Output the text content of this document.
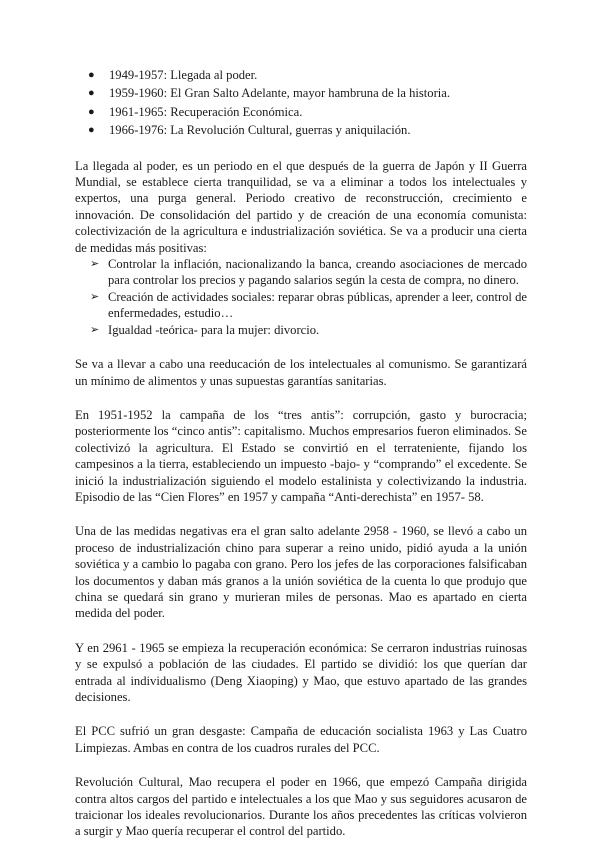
● 1949-1957: Llegada al poder.
● 1959-1960: El Gran Salto Adelante, mayor hambruna de la historia.
● 1961-1965: Recuperación Económica.
● 1966-1976: La Revolución Cultural, guerras y aniquilación.

La llegada al poder, es un periodo en el que después de la guerra de Japón y II Guerra Mundial, se establece cierta tranquilidad, se va a eliminar a todos los intelectuales y expertos, una purga general. Periodo creativo de reconstrucción, crecimiento e innovación. De consolidación del partido y de creación de una economía comunista: colectivización de la agricultura e industrialización soviética. Se va a producir una cierta de medidas más positivas:

➢ Controlar la inflación, nacionalizando la banca, creando asociaciones de mercado para controlar los precios y pagando salarios según la cesta de compra, no dinero.
➢ Creación de actividades sociales: reparar obras públicas, aprender a leer, control de enfermedades, estudio…
➢ Igualdad -teórica- para la mujer: divorcio.

Se va a llevar a cabo una reeducación de los intelectuales al comunismo. Se garantizará un mínimo de alimentos y unas supuestas garantías sanitarias.

En 1951-1952 la campaña de los “tres antis”: corrupción, gasto y burocracia; posteriormente los “cinco antis”: capitalismo. Muchos empresarios fueron eliminados. Se colectivizó la agricultura. El Estado se convirtió en el terrateniente, fijando los campesinos a la tierra, estableciendo un impuesto -bajo- y “comprando” el excedente. Se inició la industrialización siguiendo el modelo estalinista y colectivizando la industria. Episodio de las “Cien Flores” en 1957 y campaña “Anti-derechista” en 1957- 58.

Una de las medidas negativas era el gran salto adelante 2958 - 1960, se llevó a cabo un proceso de industrialización chino para superar a reino unido, pidió ayuda a la unión soviética y a cambio lo pagaba con grano. Pero los jefes de las corporaciones falsificaban los documentos y daban más granos a la unión soviética de la cuenta lo que produjo que china se quedará sin grano y murieran miles de personas. Mao es apartado en cierta medida del poder.

Y en 2961 - 1965 se empieza la recuperación económica: Se cerraron industrias ruinosas y se expulsó a población de las ciudades. El partido se dividió: los que querían dar entrada al individualismo (Deng Xiaoping) y Mao, que estuvo apartado de las grandes decisiones.

El PCC sufrió un gran desgaste: Campaña de educación socialista 1963 y Las Cuatro Limpiezas. Ambas en contra de los cuadros rurales del PCC.

Revolución Cultural, Mao recupera el poder en 1966, que empezó Campaña dirigida contra altos cargos del partido e intelectuales a los que Mao y sus seguidores acusaron de traicionar los ideales revolucionarios. Durante los años precedentes las críticas volvieron a surgir y Mao quería recuperar el control del partido.
